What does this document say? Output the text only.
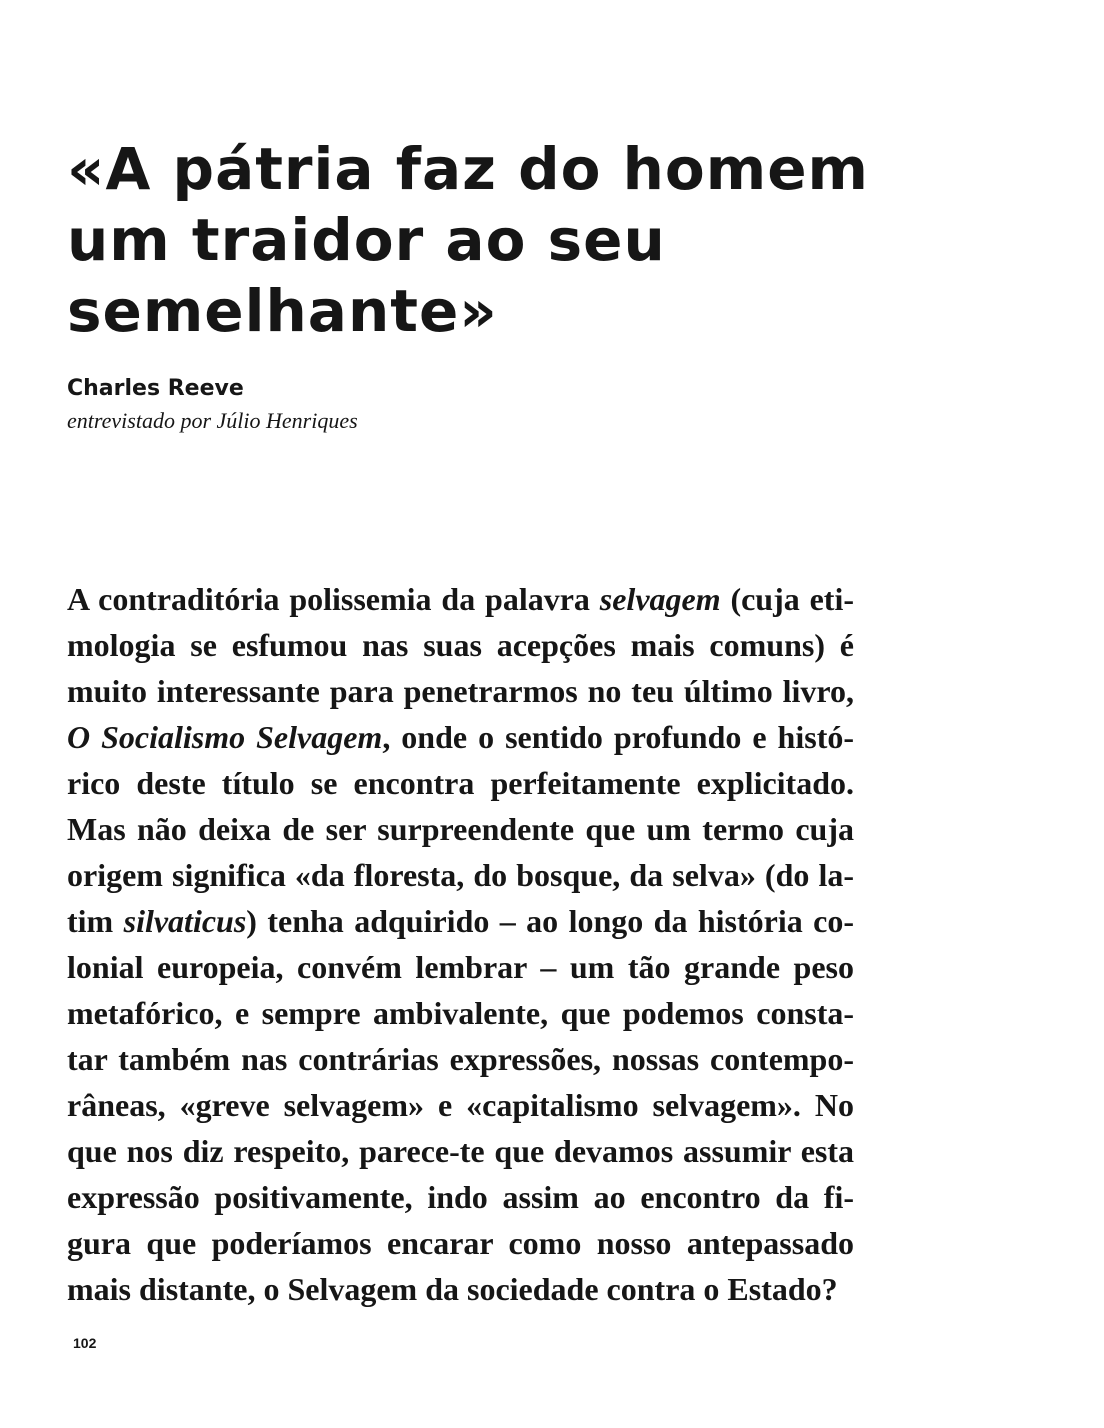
«A pátria faz do homem
um traidor ao seu
semelhante»
Charles Reeve
entrevistado por Júlio Henriques
A contraditória polissemia da palavra selvagem (cuja eti-
mologia se esfumou nas suas acepções mais comuns) é
muito interessante para penetrarmos no teu último livro,
O Socialismo Selvagem, onde o sentido profundo e histó-
rico deste título se encontra perfeitamente explicitado.
Mas não deixa de ser surpreendente que um termo cuja
origem significa «da floresta, do bosque, da selva» (do la-
tim silvaticus) tenha adquirido – ao longo da história co-
lonial europeia, convém lembrar – um tão grande peso
metafórico, e sempre ambivalente, que podemos consta-
tar também nas contrárias expressões, nossas contempo-
râneas, «greve selvagem» e «capitalismo selvagem». No
que nos diz respeito, parece-te que devamos assumir esta
expressão positivamente, indo assim ao encontro da fi-
gura que poderíamos encarar como nosso antepassado
mais distante, o Selvagem da sociedade contra o Estado?
102
